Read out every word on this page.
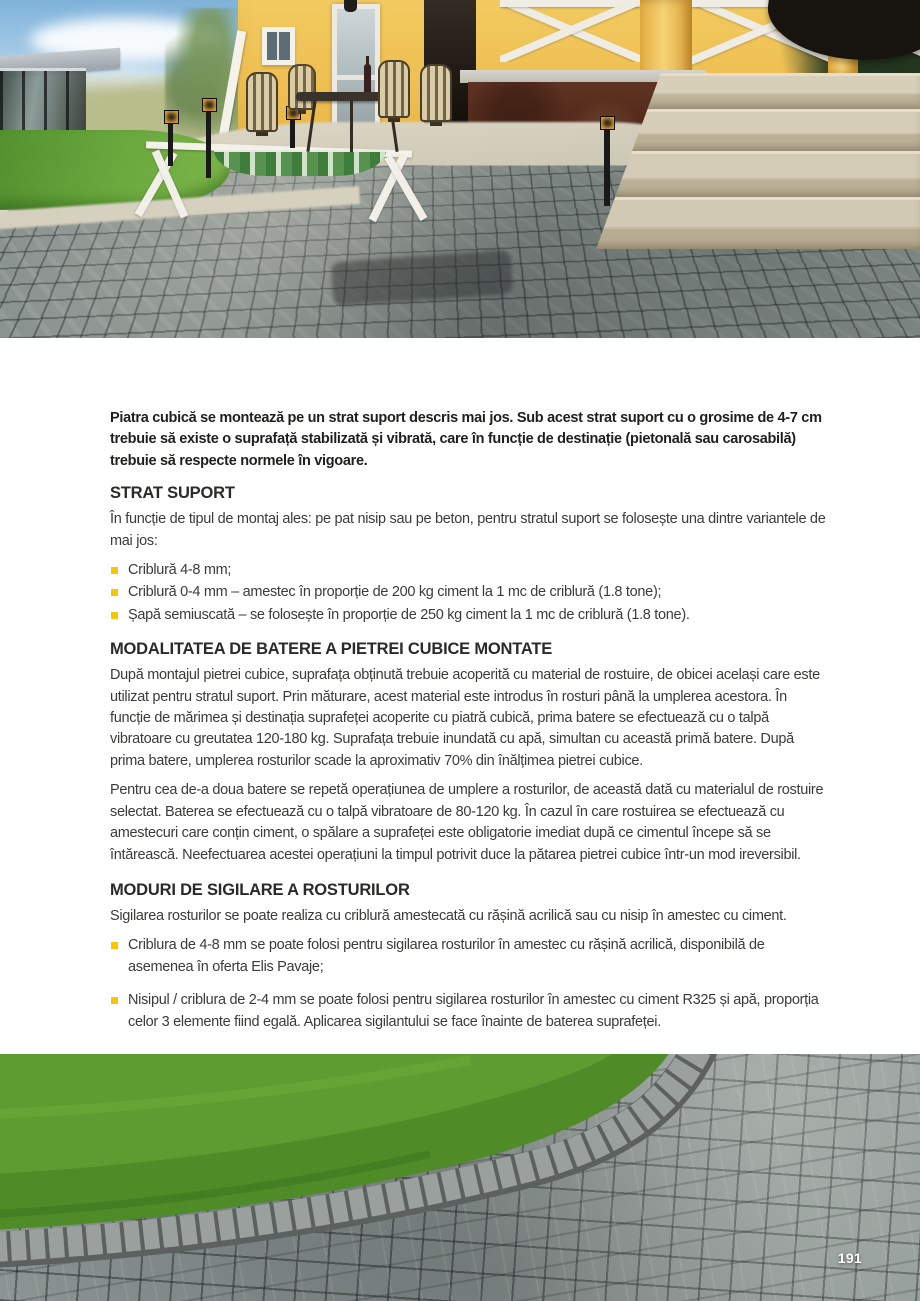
Piatra cubică se montează pe un strat suport descris mai jos. Sub acest strat suport cu o grosime de 4-7 cm trebuie să existe o suprafață stabilizată și vibrată, care în funcție de destinație (pietonală sau carosabilă) trebuie să respecte normele în vigoare.

STRAT SUPORT

În funcție de tipul de montaj ales: pe pat nisip sau pe beton, pentru stratul suport se folosește una dintre variantele de mai jos:

Criblură 4-8 mm;
Criblură 0-4 mm – amestec în proporție de 200 kg ciment la 1 mc de criblură (1.8 tone);
Șapă semiuscată – se folosește în proporție de 250 kg ciment la 1 mc de criblură (1.8 tone).
MODALITATEA DE BATERE A PIETREI CUBICE MONTATE

După montajul pietrei cubice, suprafața obținută trebuie acoperită cu material de rostuire, de obicei același care este utilizat pentru stratul suport. Prin măturare, acest material este introdus în rosturi până la umplerea acestora. În funcție de mărimea și destinația suprafeței acoperite cu piatră cubică, prima batere se efectuează cu o talpă vibratoare cu greutatea 120-180 kg. Suprafața trebuie inundată cu apă, simultan cu această primă batere. După prima batere, umplerea rosturilor scade la aproximativ 70% din înălțimea pietrei cubice.

Pentru cea de-a doua batere se repetă operațiunea de umplere a rosturilor, de această dată cu materialul de rostuire selectat. Baterea se efectuează cu o talpă vibratoare de 80-120 kg. În cazul în care rostuirea se efectuează cu amestecuri care conțin ciment, o spălare a suprafeței este obligatorie imediat după ce cimentul începe să se întărească. Neefectuarea acestei operațiuni la timpul potrivit duce la pătarea pietrei cubice într-un mod ireversibil.

MODURI DE SIGILARE A ROSTURILOR

Sigilarea rosturilor se poate realiza cu criblură amestecată cu rășină acrilică sau cu nisip în amestec cu ciment.

Criblura de 4-8 mm se poate folosi pentru sigilarea rosturilor în amestec cu rășină acrilică, disponibilă de asemenea în oferta Elis Pavaje;
Nisipul / criblura de 2-4 mm se poate folosi pentru sigilarea rosturilor în amestec cu ciment R325 și apă, proporția celor 3 elemente fiind egală. Aplicarea sigilantului se face înainte de baterea suprafeței.
191
